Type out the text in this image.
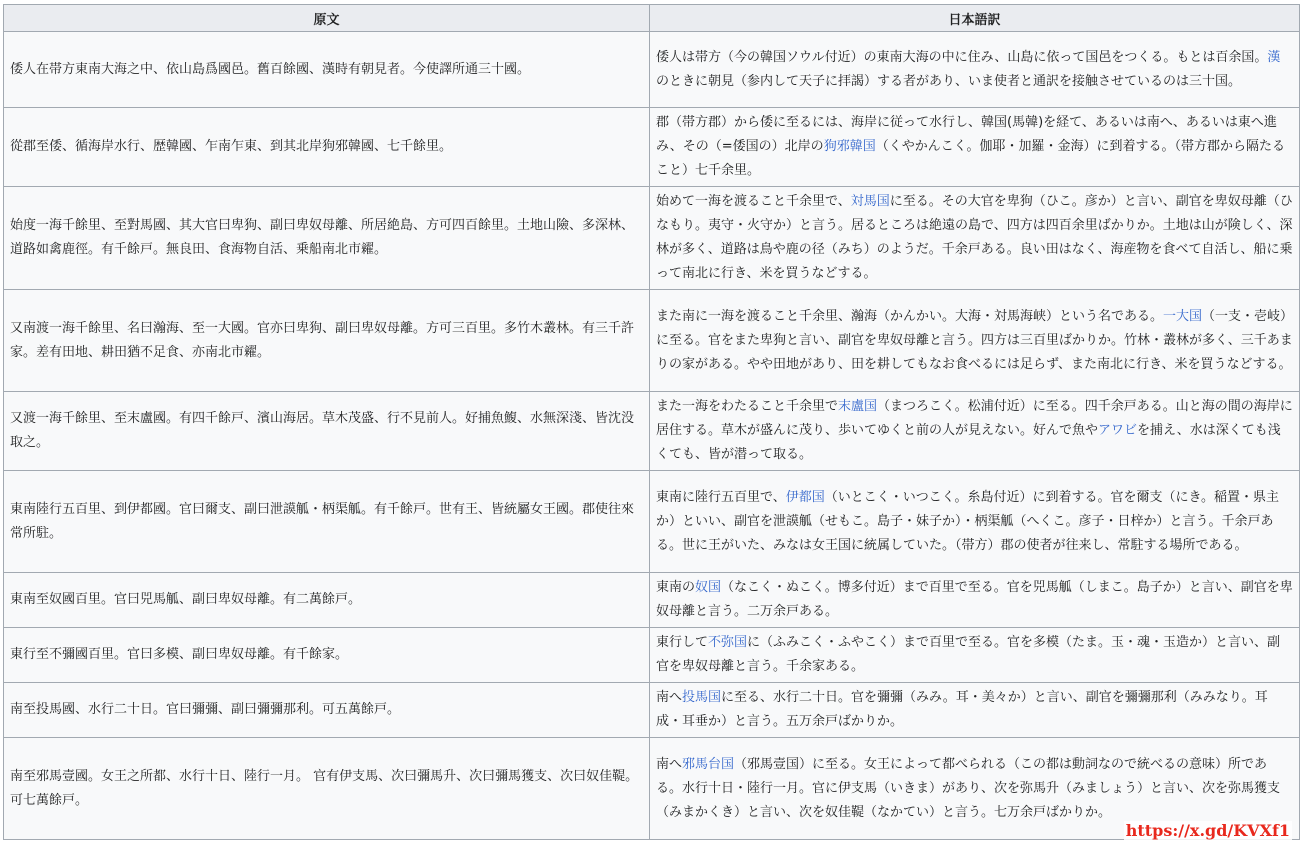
原文	日本語訳
倭人在帯方東南大海之中、依山島爲國邑。舊百餘國、漢時有朝見者。今使譯所通三十國。	倭人は帯方（今の韓国ソウル付近）の東南大海の中に住み、山島に依って国邑をつくる。もとは百余国。漢のときに朝見（参内して天子に拝謁）する者があり、いま使者と通訳を接触させているのは三十国。
從郡至倭、循海岸水行、歴韓國、乍南乍東、到其北岸狗邪韓國、七千餘里。	郡（帯方郡）から倭に至るには、海岸に従って水行し、韓国(馬韓)を経て、あるいは南へ、あるいは東へ進み、その（=倭国の）北岸の狗邪韓国（くやかんこく。伽耶・加羅・金海）に到着する。（帯方郡から隔たること）七千余里。
始度一海千餘里、至對馬國、其大官曰卑狗、副曰卑奴母離、所居絶島、方可四百餘里。土地山險、多深林、道路如禽鹿徑。有千餘戸。無良田、食海物自活、乗船南北市糴。	始めて一海を渡ること千余里で、対馬国に至る。その大官を卑狗（ひこ。彦か）と言い、副官を卑奴母離（ひなもり。夷守・火守か）と言う。居るところは絶遠の島で、四方は四百余里ばかりか。土地は山が険しく、深林が多く、道路は鳥や鹿の径（みち）のようだ。千余戸ある。良い田はなく、海産物を食べて自活し、船に乗って南北に行き、米を買うなどする。
又南渡一海千餘里、名曰瀚海、至一大國。官亦曰卑狗、副曰卑奴母離。方可三百里。多竹木叢林。有三千許家。差有田地、耕田猶不足食、亦南北市糴。	また南に一海を渡ること千余里、瀚海（かんかい。大海・対馬海峡）という名である。一大国（一支・壱岐）に至る。官をまた卑狗と言い、副官を卑奴母離と言う。四方は三百里ばかりか。竹林・叢林が多く、三千あまりの家がある。やや田地があり、田を耕してもなお食べるには足らず、また南北に行き、米を買うなどする。
又渡一海千餘里、至末盧國。有四千餘戸、濱山海居。草木茂盛、行不見前人。好捕魚鰒、水無深淺、皆沈没取之。	また一海をわたること千余里で末盧国（まつろこく。松浦付近）に至る。四千余戸ある。山と海の間の海岸に居住する。草木が盛んに茂り、歩いてゆくと前の人が見えない。好んで魚やアワビを捕え、水は深くても浅くても、皆が潜って取る。
東南陸行五百里、到伊都國。官曰爾支、副曰泄謨觚・柄渠觚。有千餘戸。世有王、皆統屬女王國。郡使往來常所駐。	東南に陸行五百里で、伊都国（いとこく・いつこく。糸島付近）に到着する。官を爾支（にき。稲置・県主か）といい、副官を泄謨觚（せもこ。島子・妹子か）・柄渠觚（へくこ。彦子・日梓か）と言う。千余戸ある。世に王がいた、みなは女王国に統属していた。（帯方）郡の使者が往来し、常駐する場所である。
東南至奴國百里。官曰兕馬觚、副曰卑奴母離。有二萬餘戸。	東南の奴国（なこく・ぬこく。博多付近）まで百里で至る。官を兕馬觚（しまこ。島子か）と言い、副官を卑奴母離と言う。二万余戸ある。
東行至不彌國百里。官曰多模、副曰卑奴母離。有千餘家。	東行して不弥国に（ふみこく・ふやこく）まで百里で至る。官を多模（たま。玉・魂・玉造か）と言い、副官を卑奴母離と言う。千余家ある。
南至投馬國、水行二十日。官曰彌彌、副曰彌彌那利。可五萬餘戸。	南へ投馬国に至る、水行二十日。官を彌彌（みみ。耳・美々か）と言い、副官を彌彌那利（みみなり。耳成・耳垂か）と言う。五万余戸ばかりか。
南至邪馬壹國。女王之所都、水行十日、陸行一月。 官有伊支馬、次曰彌馬升、次曰彌馬獲支、次曰奴佳鞮。可七萬餘戸。	南へ邪馬台国（邪馬壹国）に至る。女王によって都べられる（この都は動詞なので統べるの意味）所である。水行十日・陸行一月。官に伊支馬（いきま）があり、次を弥馬升（みましょう）と言い、次を弥馬獲支（みまかくき）と言い、次を奴佳鞮（なかてい）と言う。七万余戸ばかりか。
https://x.gd/KVXf1
